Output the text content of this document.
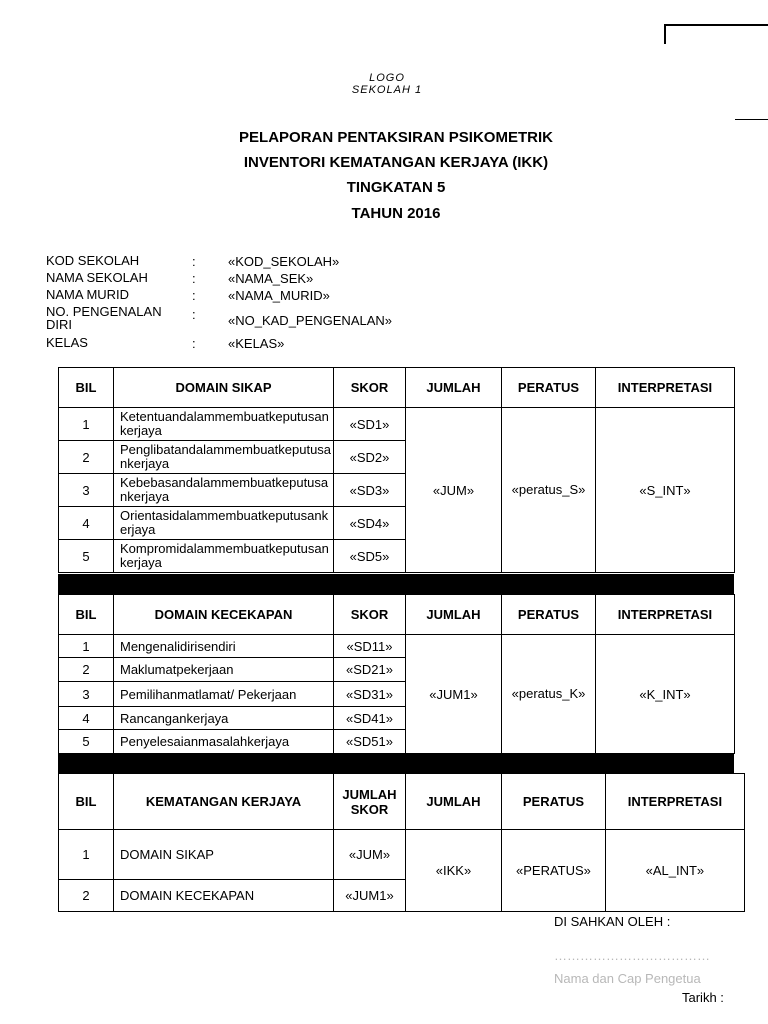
LOGO
SEKOLAH 1
PELAPORAN PENTAKSIRAN PSIKOMETRIK
INVENTORI KEMATANGAN KERJAYA (IKK)
TINGKATAN 5
TAHUN 2016
KOD SEKOLAH	: «KOD_SEKOLAH»
NAMA SEKOLAH	: «NAMA_SEK»
NAMA MURID	: «NAMA_MURID»
NO. PENGENALAN DIRI
: «NO_KAD_PENGENALAN»
KELAS	: «KELAS»
BIL	DOMAIN SIKAP	SKOR	JUMLAH	PERATUS	INTERPRETASI
1	Ketentuandalammembuatkeputusankerjaya	«SD1»	«JUM»	«peratus_S»	«S_INT»
2	Penglibatandalammembuatkeputusankerjaya	«SD2»			
3	Kebebasandalammembuatkeputusankerjaya	«SD3»			
4	Orientasidalammembuatkeputusankerjaya	«SD4»			
5	Kompromidalammembuatkeputusankerjaya	«SD5»			
BIL	DOMAIN KECEKAPAN	SKOR	JUMLAH	PERATUS	INTERPRETASI
1	Mengenalidirisendiri	«SD11»	«JUM1»	«peratus_K»	«K_INT»
2	Maklumatpekerjaan	«SD21»			
3	Pemilihanmatlamat/ Pekerjaan	«SD31»			
4	Rancangankerjaya	«SD41»			
5	Penyelesaianmasalahkerjaya	«SD51»			
BIL	KEMATANGAN KERJAYA	JUMLAH SKOR	JUMLAH	PERATUS	INTERPRETASI
1	DOMAIN SIKAP	«JUM»	«IKK»	«PERATUS»	«AL_INT»
2	DOMAIN KECEKAPAN	«JUM1»			
DI SAHKAN OLEH :
………………………………
Nama dan Cap Pengetua
Tarikh :
